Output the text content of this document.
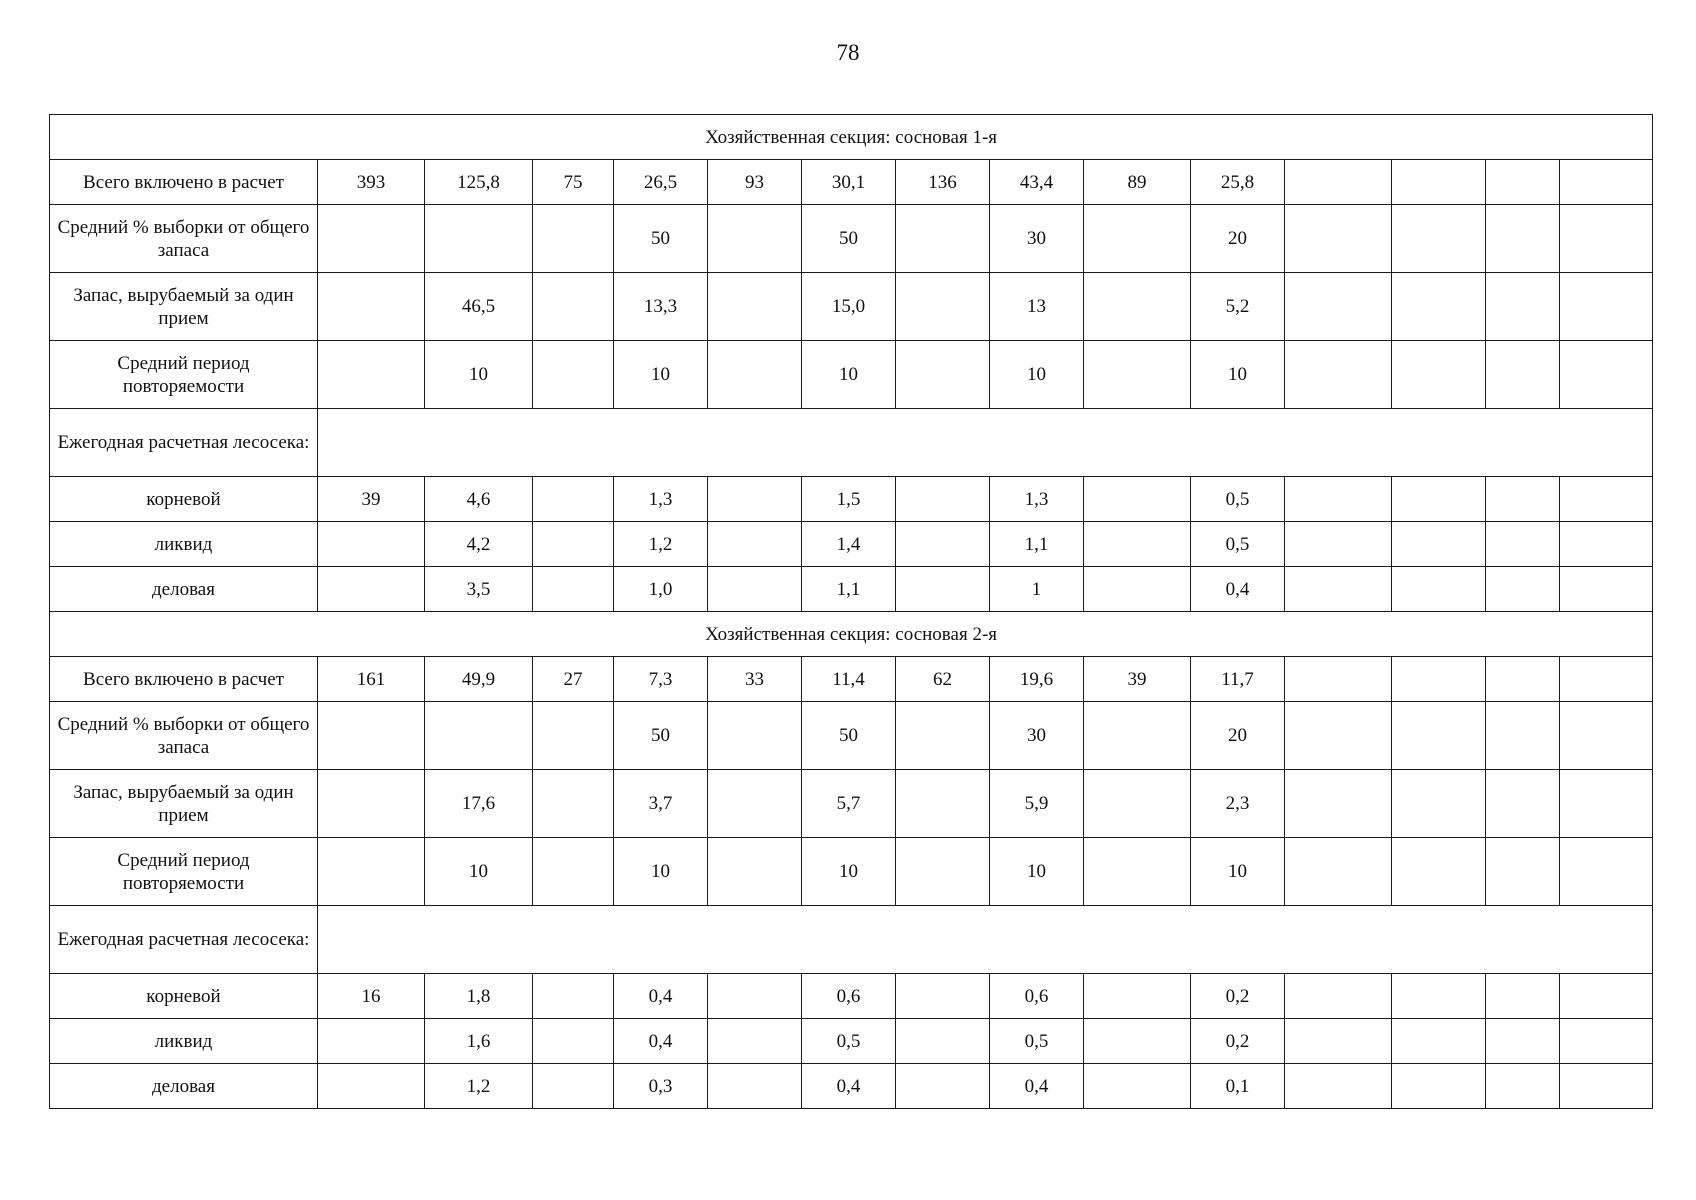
78
Хозяйственная секция: сосновая 1-я														
Всего включено в расчет	393	125,8	75	26,5	93	30,1	136	43,4	89	25,8				
Средний % выборки от общего запаса				50		50		30		20				
Запас, вырубаемый за один прием		46,5		13,3		15,0		13		5,2				
Средний период повторяемости		10		10		10		10		10				
Ежегодная расчетная лесосека:														
корневой	39	4,6		1,3		1,5		1,3		0,5				
ликвид		4,2		1,2		1,4		1,1		0,5				
деловая		3,5		1,0		1,1		1		0,4				
Хозяйственная секция: сосновая 2-я														
Всего включено в расчет	161	49,9	27	7,3	33	11,4	62	19,6	39	11,7				
Средний % выборки от общего запаса				50		50		30		20				
Запас, вырубаемый за один прием		17,6		3,7		5,7		5,9		2,3				
Средний период повторяемости		10		10		10		10		10				
Ежегодная расчетная лесосека:														
корневой	16	1,8		0,4		0,6		0,6		0,2				
ликвид		1,6		0,4		0,5		0,5		0,2				
деловая		1,2		0,3		0,4		0,4		0,1				
